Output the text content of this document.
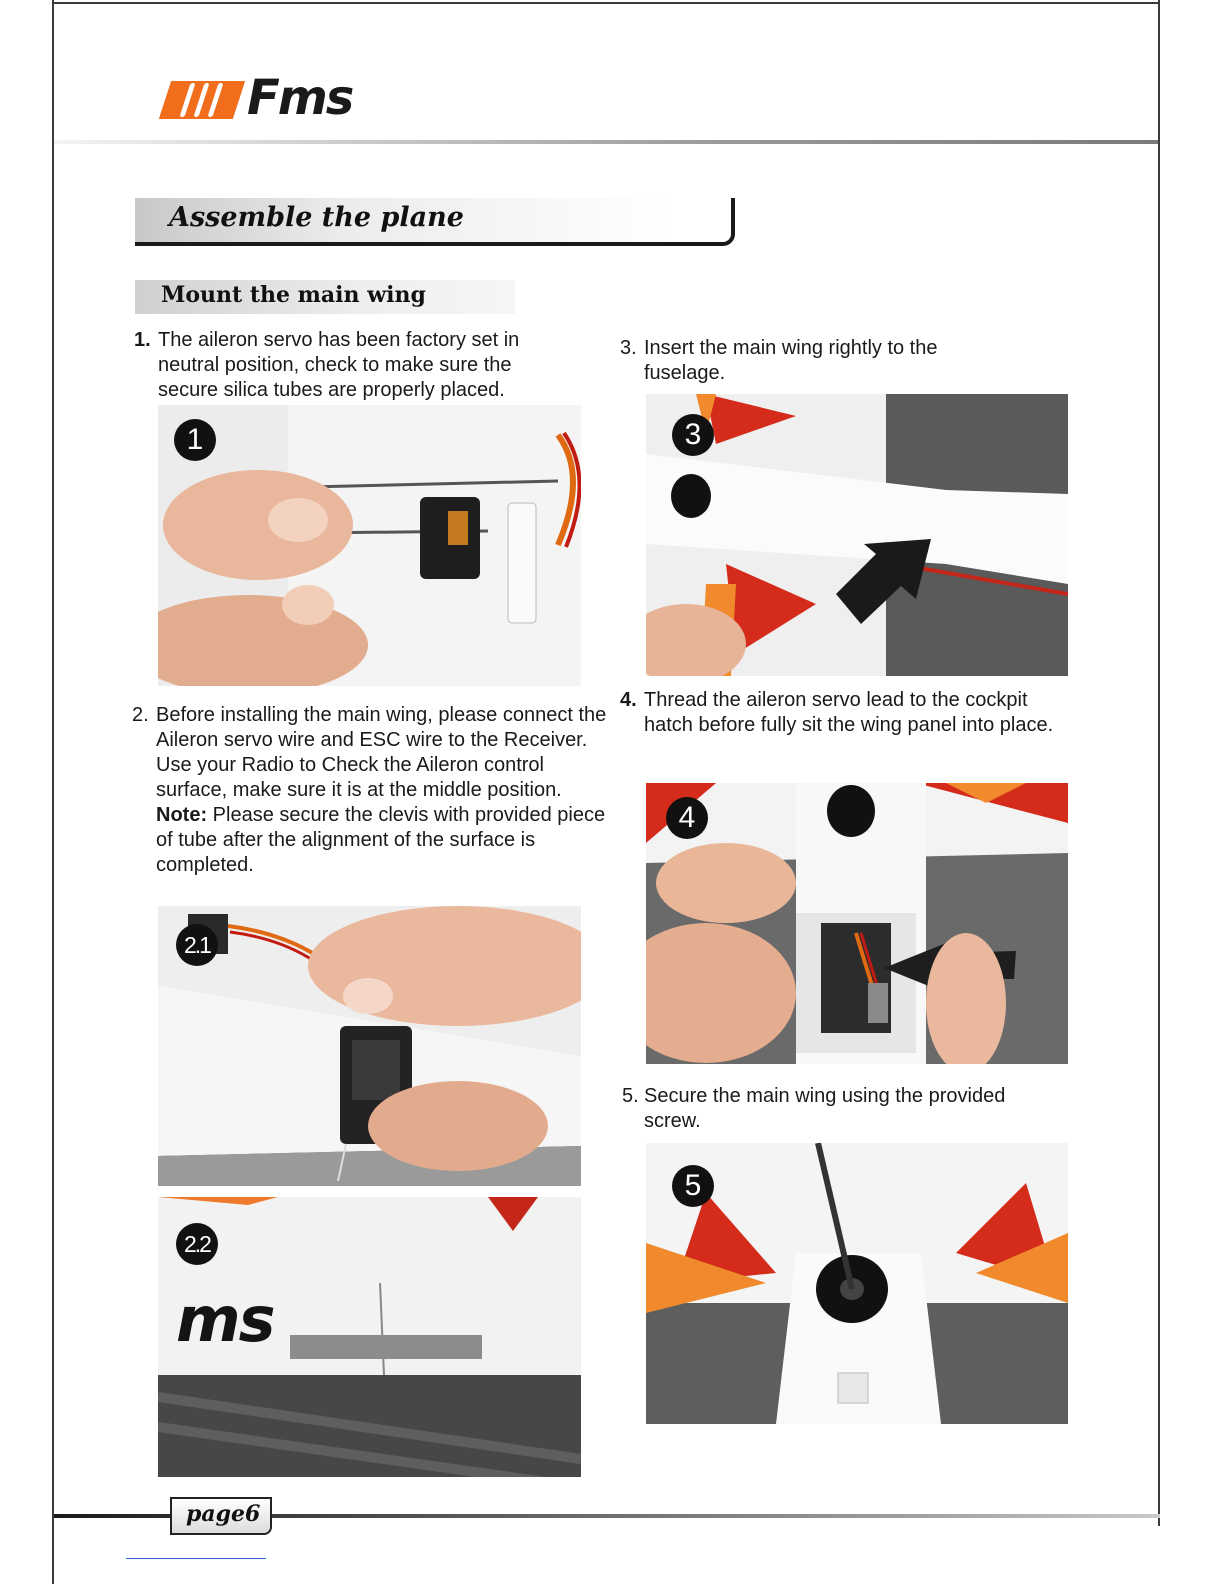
Fms
Assemble the plane
Mount the main wing
1. The aileron servo has been factory set in neutral position, check to make sure the secure silica tubes are properly placed.
1
2. Before installing the main wing, please connect the Aileron servo wire and ESC wire to the Receiver. Use your Radio to Check the Aileron control surface, make sure it is at the middle position. Note: Please secure the clevis with provided piece of tube after the alignment of the surface is completed.
2.1
ms
2.2
3. Insert the main wing rightly to the fuselage.
3
4. Thread the aileron servo lead to the cockpit hatch before fully sit the wing panel into place.
4
5. Secure the main wing using the provided screw.
5
page6
